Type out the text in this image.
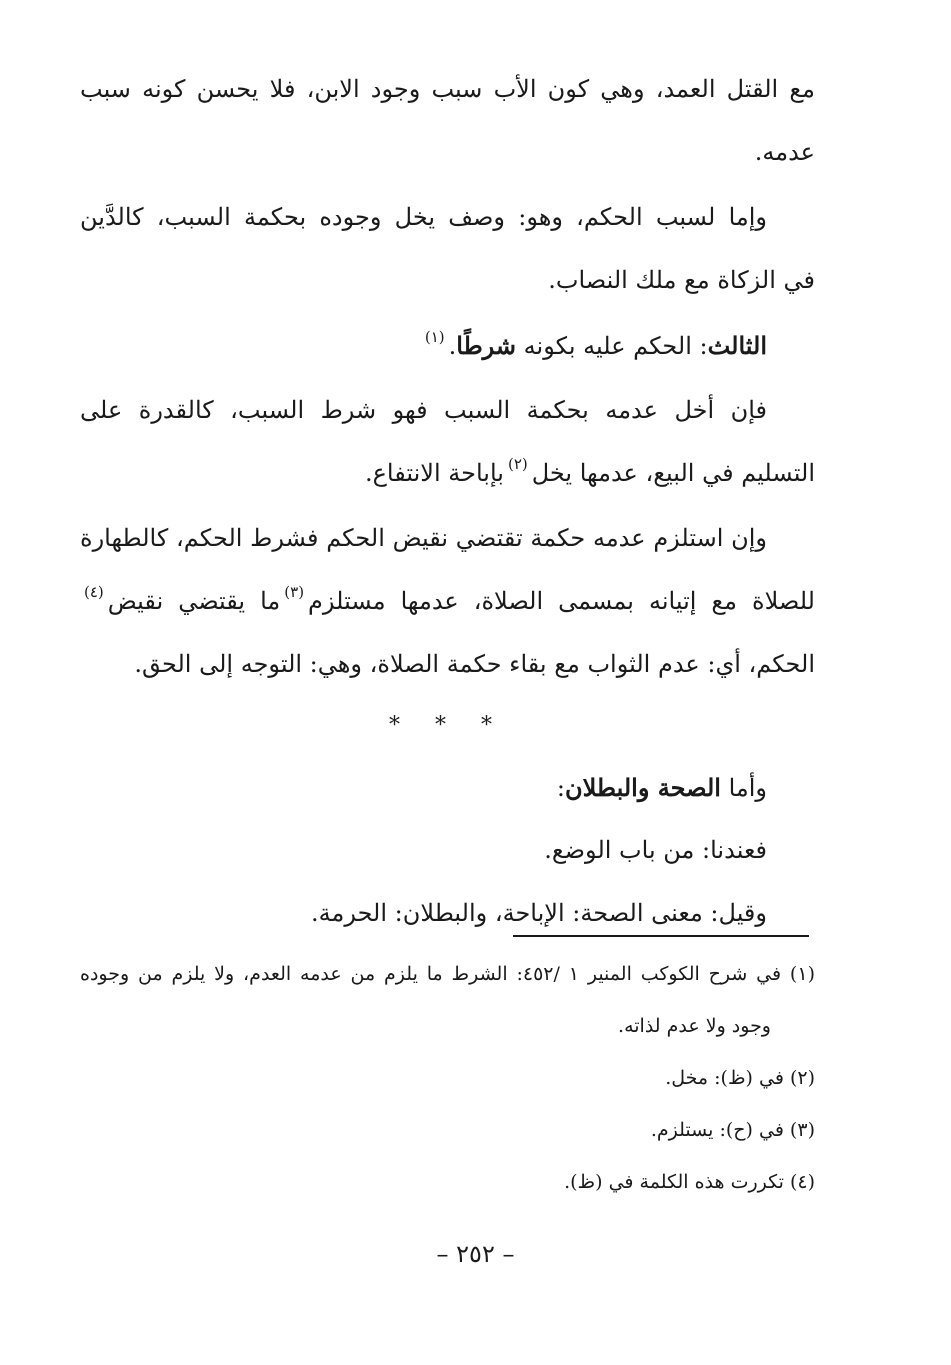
مع القتل العمد، وهي كون الأب سبب وجود الابن، فلا يحسن كونه سبب
عدمه.
وإما لسبب الحكم، وهو: وصف يخل وجوده بحكمة السبب، كالدَّين
في الزكاة مع ملك النصاب.
الثالث: الحكم عليه بكونه شرطًا.$^{(١)}$
فإن أخل عدمه بحكمة السبب فهو شرط السبب، كالقدرة على
التسليم في البيع، عدمها يخل$^{(٢)}$بإباحة الانتفاع.
وإن استلزم عدمه حكمة تقتضي نقيض الحكم فشرط الحكم، كالطهارة
للصلاة مع إتيانه بمسمى الصلاة، عدمها مستلزم$^{(٣)}$ما يقتضي نقيض$^{(٤)}$
الحكم، أي: عدم الثواب مع بقاء حكمة الصلاة، وهي: التوجه إلى الحق.
* * *
وأما الصحة والبطلان:
فعندنا: من باب الوضع.
وقيل: معنى الصحة: الإباحة، والبطلان: الحرمة.
(١) في شرح الكوكب المنير ١ /٤٥٢: الشرط ما يلزم من عدمه العدم، ولا يلزم من وجوده
وجود ولا عدم لذاته.
(٢) في (ظ): مخل.
(٣) في (ح): يستلزم.
(٤) تكررت هذه الكلمة في (ظ).
– ٢٥٢ –
